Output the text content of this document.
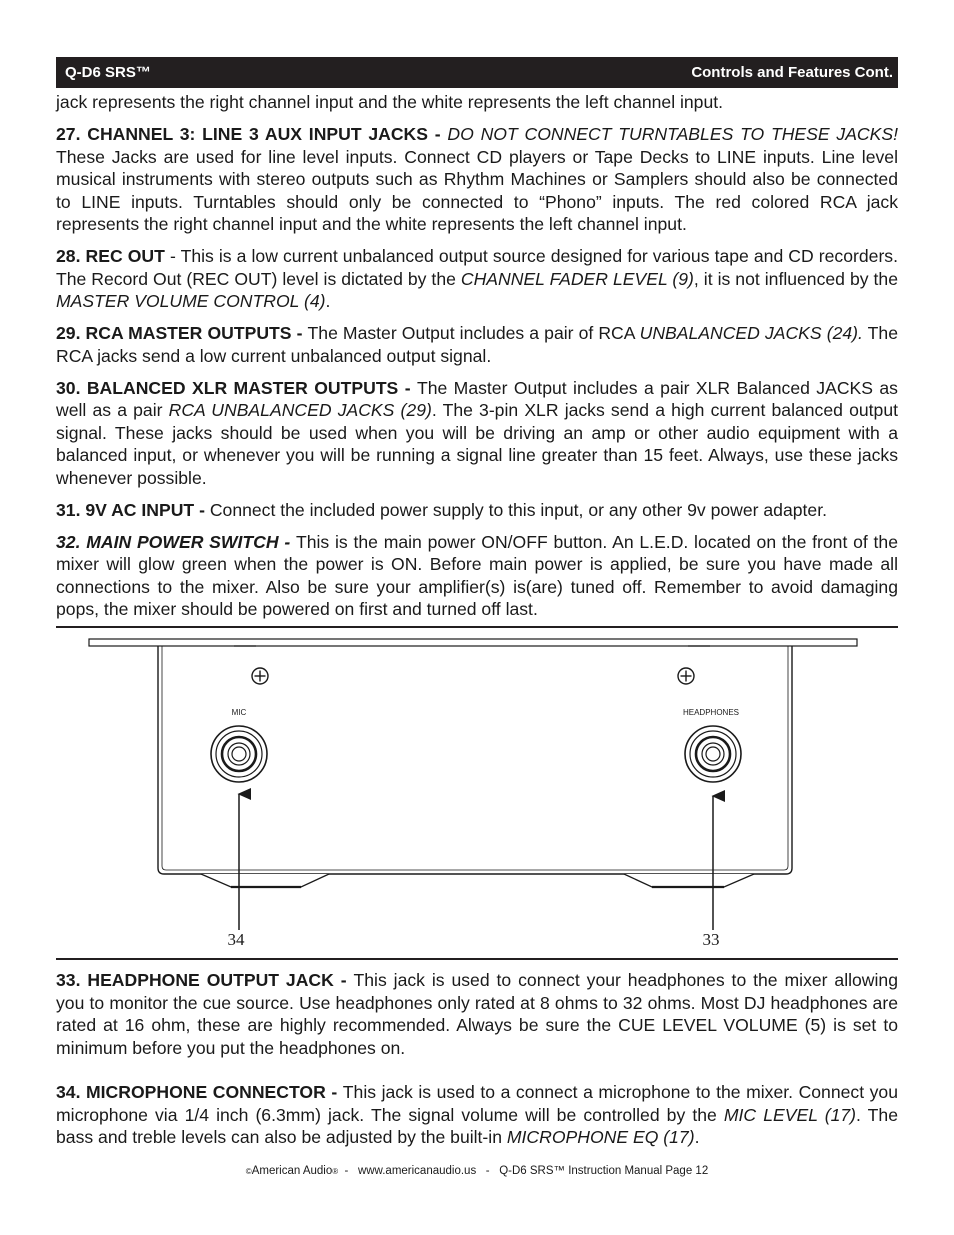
Q-D6 SRS™	Controls and Features Cont.

jack represents the right channel input and the white represents the left channel input.

27. CHANNEL 3: LINE 3 AUX INPUT JACKS - DO NOT CONNECT TURNTABLES TO THESE JACKS! These Jacks are used for line level inputs. Connect CD players or Tape Decks to LINE inputs. Line level musical instruments with stereo outputs such as Rhythm Machines or Samplers should also be connected to LINE inputs. Turntables should only be connected to “Phono” inputs. The red colored RCA jack represents the right channel input and the white represents the left channel input.

28. REC OUT - This is a low current unbalanced output source designed for various tape and CD recorders. The Record Out (REC OUT) level is dictated by the CHANNEL FADER LEVEL (9), it is not influenced by the MASTER VOLUME CONTROL (4).

29. RCA MASTER OUTPUTS - The Master Output includes a pair of RCA UNBALANCED JACKS (24). The RCA jacks send a low current unbalanced output signal.

30. BALANCED XLR MASTER OUTPUTS - The Master Output includes a pair XLR Balanced JACKS as well as a pair RCA UNBALANCED JACKS (29). The 3-pin XLR jacks send a high current balanced output signal. These jacks should be used when you will be driving an amp or other audio equipment with a balanced input, or whenever you will be running a signal line greater than 15 feet. Always, use these jacks whenever possible.

31. 9V AC INPUT - Connect the included power supply to this input, or any other 9v power adapter.

32. MAIN POWER SWITCH - This is the main power ON/OFF button. An L.E.D. located on the front of the mixer will glow green when the power is ON. Before main power is applied, be sure you have made all connections to the mixer. Also be sure your amplifier(s) is(are) tuned off. Remember to avoid damaging pops, the mixer should be powered on first and turned off last.

MIC	HEADPHONES
34	33

33. HEADPHONE OUTPUT JACK - This jack is used to connect your headphones to the mixer allowing you to monitor the cue source. Use headphones only rated at 8 ohms to 32 ohms. Most DJ headphones are rated at 16 ohm, these are highly recommended. Always be sure the CUE LEVEL VOLUME (5) is set to minimum before you put the headphones on.

34. MICROPHONE CONNECTOR - This jack is used to a connect a microphone to the mixer. Connect you microphone via 1/4 inch (6.3mm) jack. The signal volume will be controlled by the MIC LEVEL (17). The bass and treble levels can also be adjusted by the built-in MICROPHONE EQ (17).

©American Audio®  -   www.americanaudio.us   -   Q-D6 SRS™ Instruction Manual Page 12
